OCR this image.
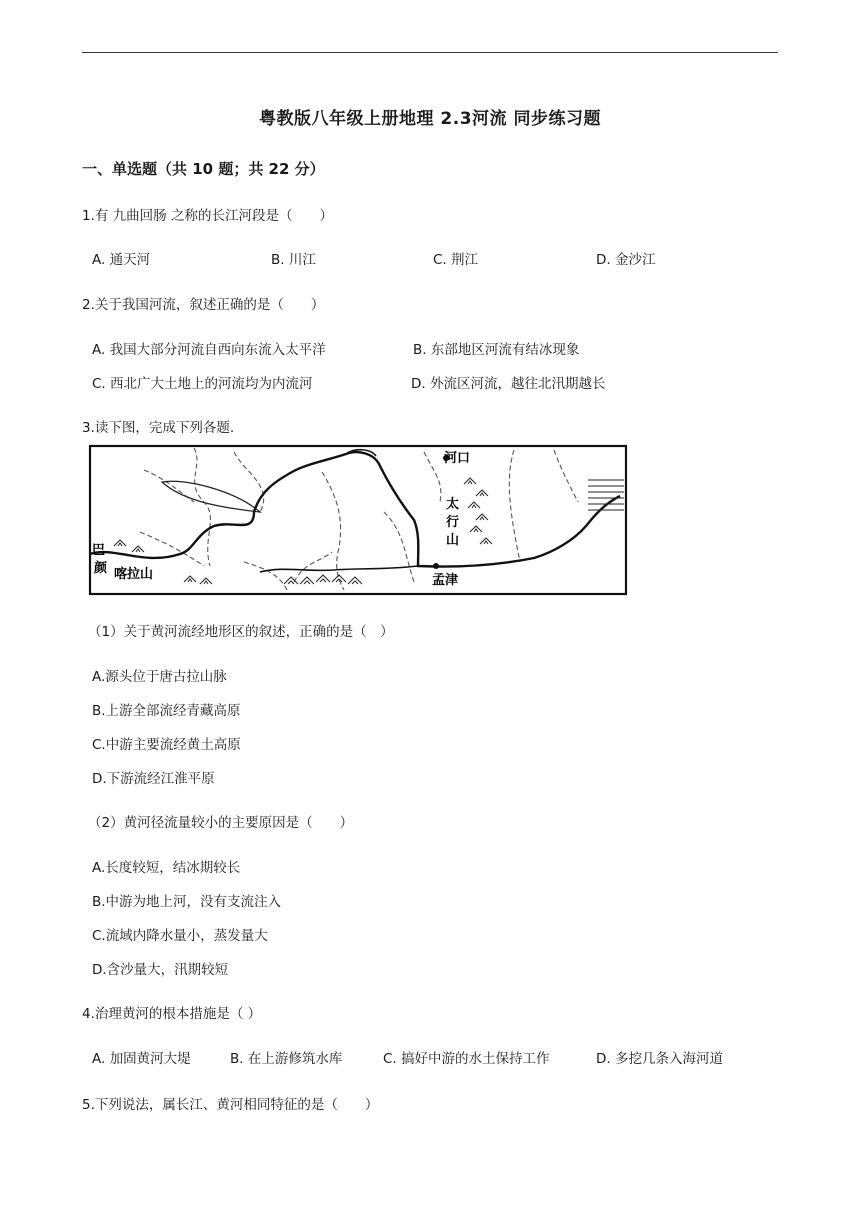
粤教版八年级上册地理 2.3河流 同步练习题
一、单选题（共 10 题；共 22 分）
1.有 九曲回肠 之称的长江河段是（　　）
A. 通天河	B. 川江	C. 荆江	D. 金沙江
2.关于我国河流，叙述正确的是（　　）
A. 我国大部分河流自西向东流入太平洋	B. 东部地区河流有结冰现象
C. 西北广大土地上的河流均为内流河	D. 外流区河流，越往北汛期越长
3.读下图，完成下列各题.
河口
太
行
山
孟津
巴
颜 喀拉山
（1）关于黄河流经地形区的叙述，正确的是（　）
A.源头位于唐古拉山脉
B.上游全部流经青藏高原
C.中游主要流经黄土高原
D.下游流经江淮平原
（2）黄河径流量较小的主要原因是（　　）
A.长度较短，结冰期较长
B.中游为地上河，没有支流注入
C.流域内降水量小，蒸发量大
D.含沙量大，汛期较短
4.治理黄河的根本措施是（ ）
A. 加固黄河大堤	B. 在上游修筑水库	C. 搞好中游的水土保持工作	D. 多挖几条入海河道
5.下列说法，属长江、黄河相同特征的是（　　）
